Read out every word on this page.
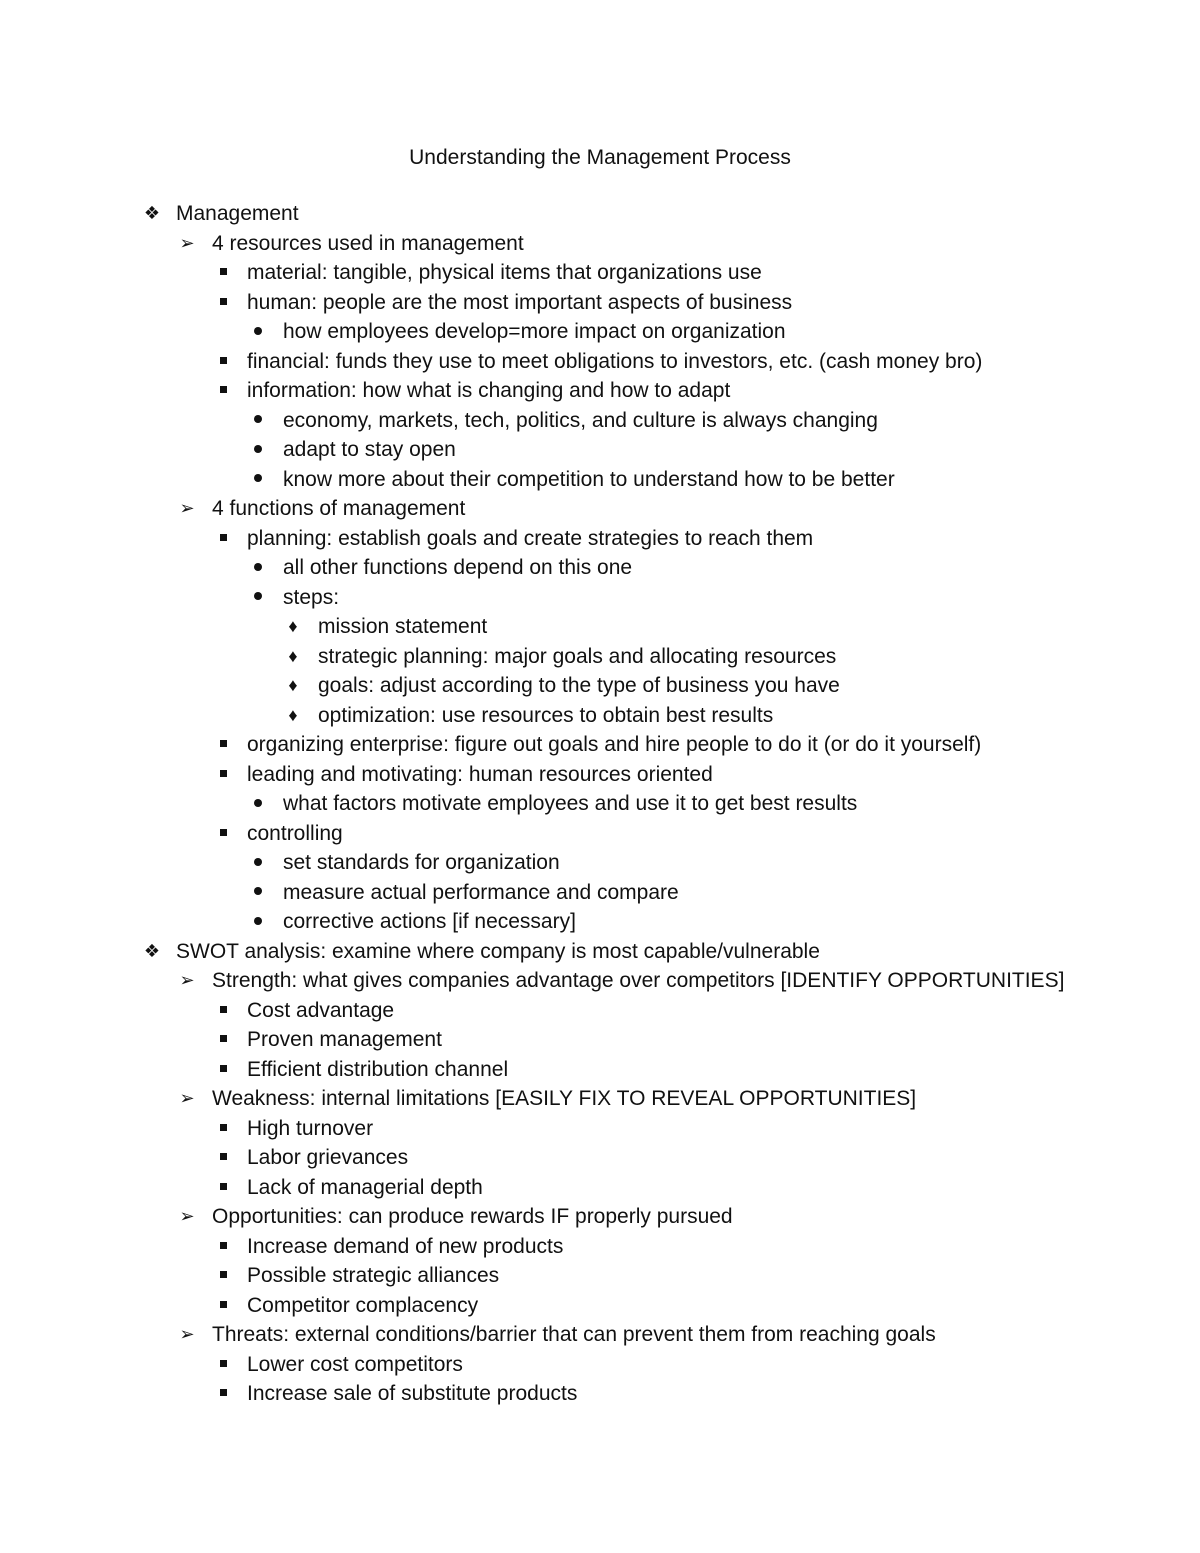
Understanding the Management Process
❖ Management
➢ 4 resources used in management
material: tangible, physical items that organizations use
human: people are the most important aspects of business
how employees develop=more impact on organization
financial: funds they use to meet obligations to investors, etc. (cash money bro)
information: how what is changing and how to adapt
economy, markets, tech, politics, and culture is always changing
adapt to stay open
know more about their competition to understand how to be better
➢ 4 functions of management
planning: establish goals and create strategies to reach them
all other functions depend on this one
steps:
♦ mission statement
♦ strategic planning: major goals and allocating resources
♦ goals: adjust according to the type of business you have
♦ optimization: use resources to obtain best results
organizing enterprise: figure out goals and hire people to do it (or do it yourself)
leading and motivating: human resources oriented
what factors motivate employees and use it to get best results
controlling
set standards for organization
measure actual performance and compare
corrective actions [if necessary]
❖ SWOT analysis: examine where company is most capable/vulnerable
➢ Strength: what gives companies advantage over competitors [IDENTIFY OPPORTUNITIES]
Cost advantage
Proven management
Efficient distribution channel
➢ Weakness: internal limitations [EASILY FIX TO REVEAL OPPORTUNITIES]
High turnover
Labor grievances
Lack of managerial depth
➢ Opportunities: can produce rewards IF properly pursued
Increase demand of new products
Possible strategic alliances
Competitor complacency
➢ Threats: external conditions/barrier that can prevent them from reaching goals
Lower cost competitors
Increase sale of substitute products
